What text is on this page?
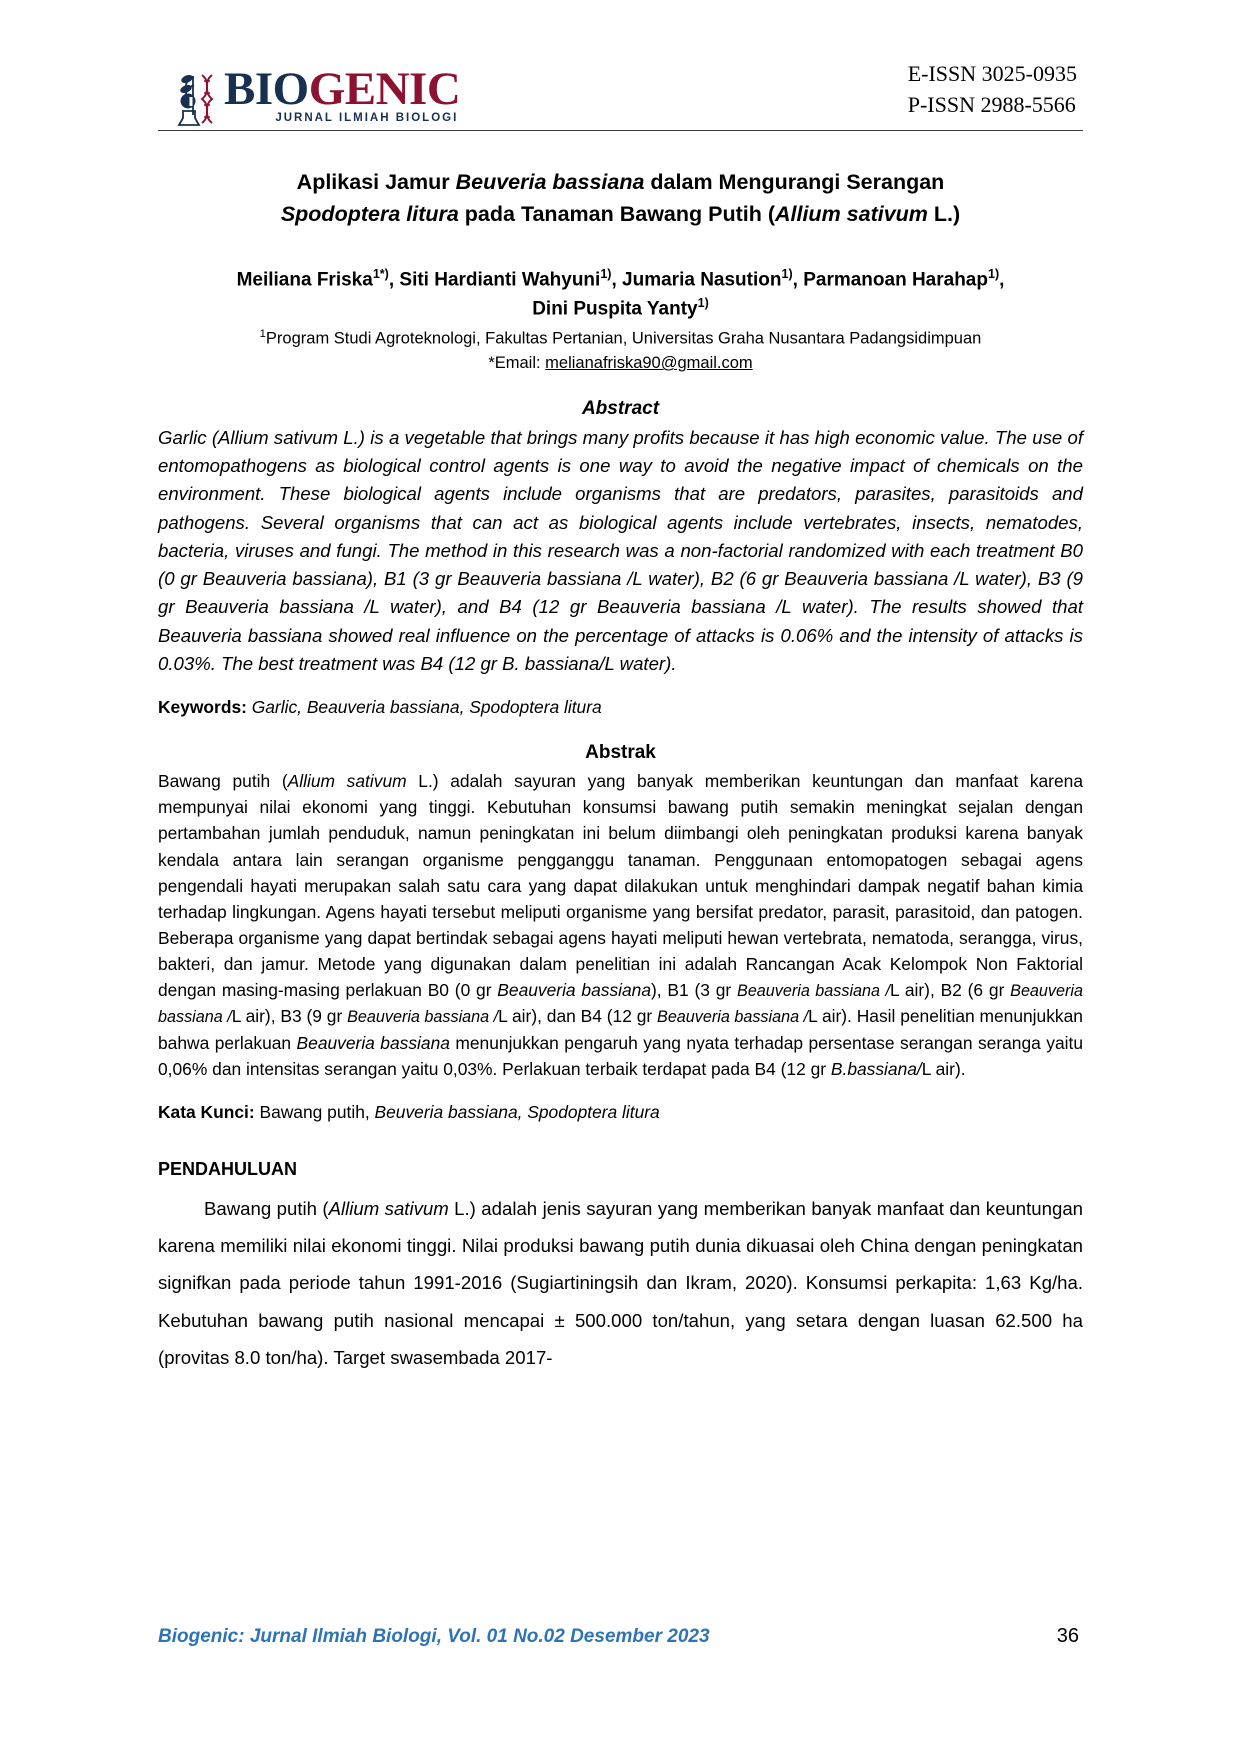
BIOGENIC
JURNAL ILMIAH BIOLOGI
E-ISSN 3025-0935
P-ISSN 2988-5566
Aplikasi Jamur Beuveria bassiana dalam Mengurangi Serangan
Spodoptera litura pada Tanaman Bawang Putih (Allium sativum L.)
Meiliana Friska$^{1*)}$, Siti Hardianti Wahyuni$^{1)}$, Jumaria Nasution$^{1)}$, Parmanoan Harahap$^{1)}$,
Dini Puspita Yanty$^{1)}$
$^1$Program Studi Agroteknologi, Fakultas Pertanian, Universitas Graha Nusantara Padangsidimpuan
*Email: melianafriska90@gmail.com
Abstract

Garlic (Allium sativum L.) is a vegetable that brings many profits because it has high economic value. The use of entomopathogens as biological control agents is one way to avoid the negative impact of chemicals on the environment. These biological agents include organisms that are predators, parasites, parasitoids and pathogens. Several organisms that can act as biological agents include vertebrates, insects, nematodes, bacteria, viruses and fungi. The method in this research was a non-factorial randomized with each treatment B0 (0 gr Beauveria bassiana), B1 (3 gr Beauveria bassiana /L water), B2 (6 gr Beauveria bassiana /L water), B3 (9 gr Beauveria bassiana /L water), and B4 (12 gr Beauveria bassiana /L water). The results showed that Beauveria bassiana showed real influence on the percentage of attacks is 0.06% and the intensity of attacks is 0.03%. The best treatment was B4 (12 gr B. bassiana/L water).

Keywords: Garlic, Beauveria bassiana, Spodoptera litura
Abstrak

Bawang putih (Allium sativum L.) adalah sayuran yang banyak memberikan keuntungan dan manfaat karena mempunyai nilai ekonomi yang tinggi. Kebutuhan konsumsi bawang putih semakin meningkat sejalan dengan pertambahan jumlah penduduk, namun peningkatan ini belum diimbangi oleh peningkatan produksi karena banyak kendala antara lain serangan organisme pengganggu tanaman. Penggunaan entomopatogen sebagai agens pengendali hayati merupakan salah satu cara yang dapat dilakukan untuk menghindari dampak negatif bahan kimia terhadap lingkungan. Agens hayati tersebut meliputi organisme yang bersifat predator, parasit, parasitoid, dan patogen. Beberapa organisme yang dapat bertindak sebagai agens hayati meliputi hewan vertebrata, nematoda, serangga, virus, bakteri, dan jamur. Metode yang digunakan dalam penelitian ini adalah Rancangan Acak Kelompok Non Faktorial dengan masing-masing perlakuan B0 (0 gr Beauveria bassiana), B1 (3 gr Beauveria bassiana /L air), B2 (6 gr Beauveria bassiana /L air), B3 (9 gr Beauveria bassiana /L air), dan B4 (12 gr Beauveria bassiana /L air). Hasil penelitian menunjukkan bahwa perlakuan Beauveria bassiana menunjukkan pengaruh yang nyata terhadap persentase serangan seranga yaitu 0,06% dan intensitas serangan yaitu 0,03%. Perlakuan terbaik terdapat pada B4 (12 gr B.bassiana/L air).

Kata Kunci: Bawang putih, Beuveria bassiana, Spodoptera litura
PENDAHULUAN

Bawang putih (Allium sativum L.) adalah jenis sayuran yang memberikan banyak manfaat dan keuntungan karena memiliki nilai ekonomi tinggi. Nilai produksi bawang putih dunia dikuasai oleh China dengan peningkatan signifkan pada periode tahun 1991-2016 (Sugiartiningsih dan Ikram, 2020). Konsumsi perkapita: 1,63 Kg/ha. Kebutuhan bawang putih nasional mencapai ± 500.000 ton/tahun, yang setara dengan luasan 62.500 ha (provitas 8.0 ton/ha). Target swasembada 2017-

Biogenic: Jurnal Ilmiah Biologi, Vol. 01 No.02 Desember 2023	36
